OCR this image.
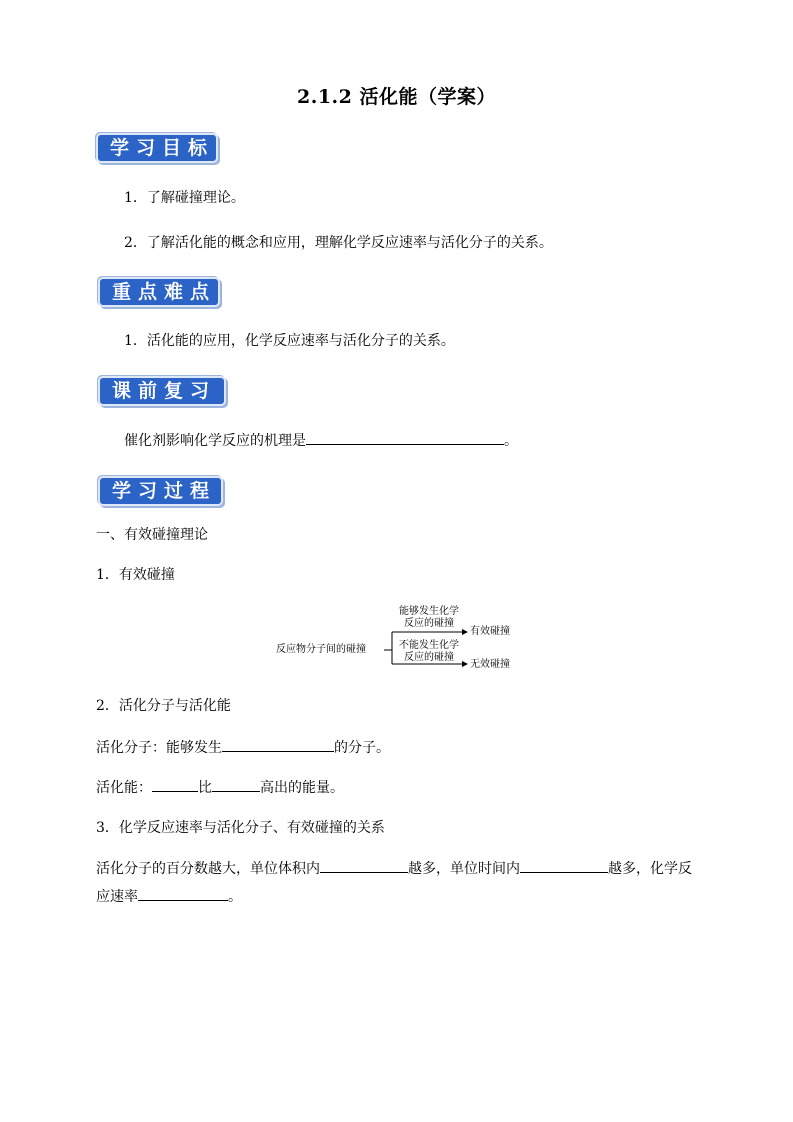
2.1.2 活化能（学案）
学习目标
1．了解碰撞理论。
2．了解活化能的概念和应用，理解化学反应速率与活化分子的关系。
重点难点
1．活化能的应用，化学反应速率与活化分子的关系。
课前复习
催化剂影响化学反应的机理是	。
学习过程
一、有效碰撞理论
1．有效碰撞
反应物分子间的碰撞
能够发生化学
反应的碰撞
有效碰撞
不能发生化学
反应的碰撞
无效碰撞
2．活化分子与活化能
活化分子：能够发生	的分子。
活化能：	比	高出的能量。
3．化学反应速率与活化分子、有效碰撞的关系
活化分子的百分数越大，单位体积内	越多，单位时间内	越多，化学反
应速率	。
